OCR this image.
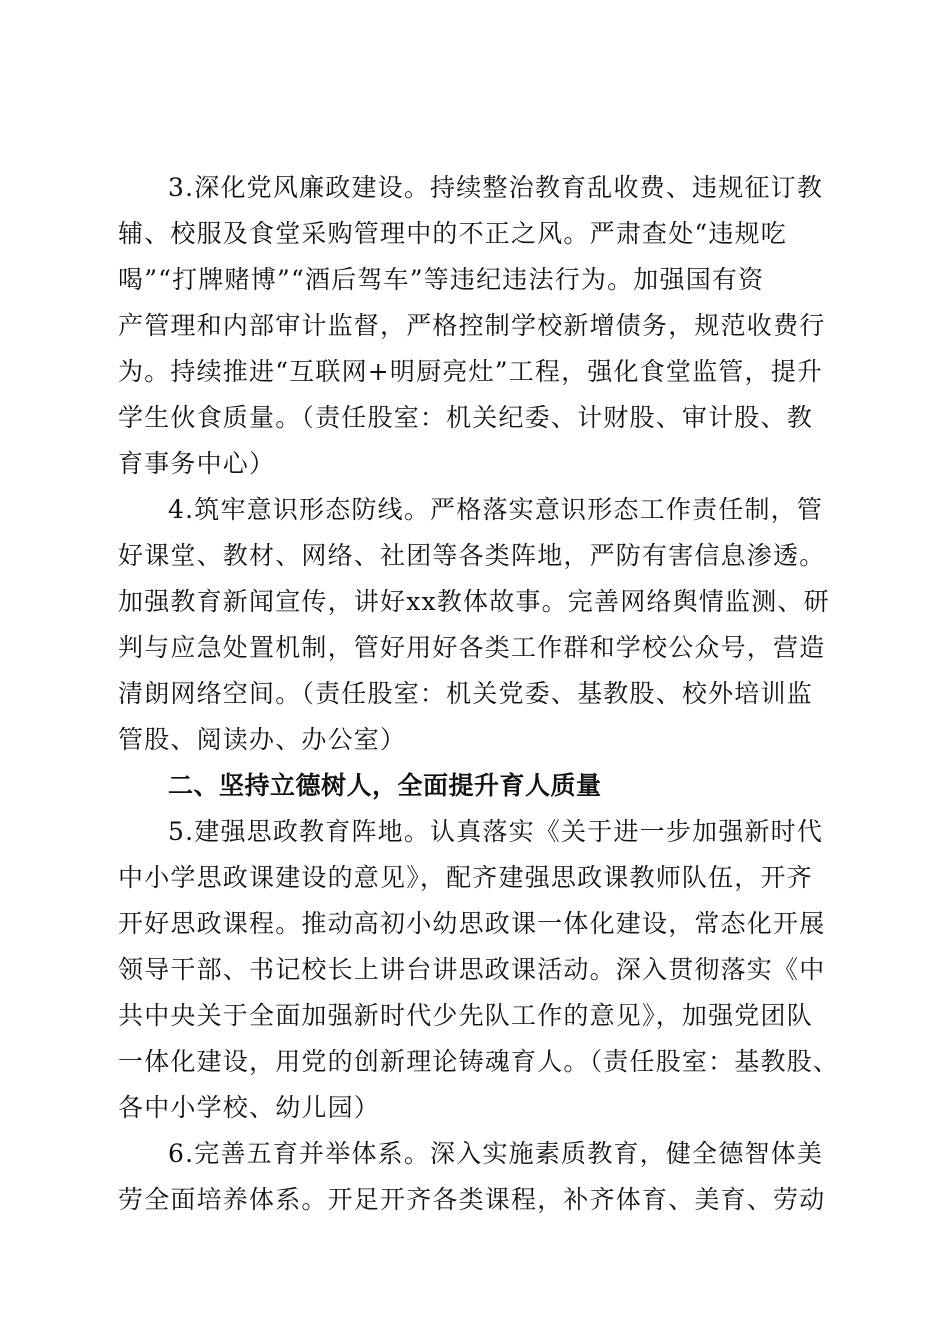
3.深化党风廉政建设。持续整治教育乱收费、违规征订教

辅、校服及食堂采购管理中的不正之风。严肃查处“违规吃

喝”“打牌赌博”“酒后驾车”等违纪违法行为。加强国有资

产管理和内部审计监督，严格控制学校新增债务，规范收费行

为。持续推进“互联网+明厨亮灶”工程，强化食堂监管，提升

学生伙食质量。（责任股室：机关纪委、计财股、审计股、教

育事务中心）

4.筑牢意识形态防线。严格落实意识形态工作责任制，管

好课堂、教材、网络、社团等各类阵地，严防有害信息渗透。

加强教育新闻宣传，讲好xx教体故事。完善网络舆情监测、研

判与应急处置机制，管好用好各类工作群和学校公众号，营造

清朗网络空间。（责任股室：机关党委、基教股、校外培训监

管股、阅读办、办公室）

二、坚持立德树人，全面提升育人质量

5.建强思政教育阵地。认真落实《关于进一步加强新时代

中小学思政课建设的意见》，配齐建强思政课教师队伍，开齐

开好思政课程。推动高初小幼思政课一体化建设，常态化开展

领导干部、书记校长上讲台讲思政课活动。深入贯彻落实《中

共中央关于全面加强新时代少先队工作的意见》，加强党团队

一体化建设，用党的创新理论铸魂育人。（责任股室：基教股、

各中小学校、幼儿园）

6.完善五育并举体系。深入实施素质教育，健全德智体美

劳全面培养体系。开足开齐各类课程，补齐体育、美育、劳动
